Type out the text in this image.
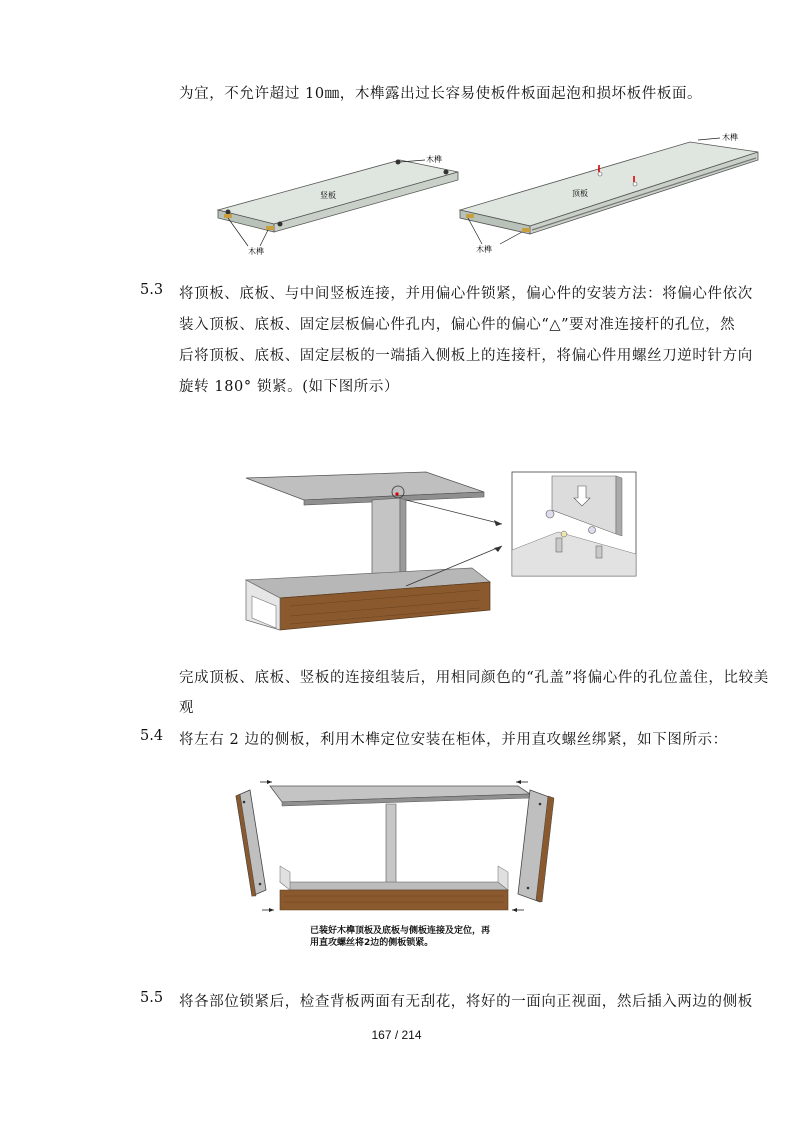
为宜，不允许超过 10㎜，木榫露出过长容易使板件板面起泡和损坏板件板面。
木榫
竖板
木榫
顶板
木榫
木榫
5.3 将顶板、底板、与中间竖板连接，并用偏心件锁紧，偏心件的安装方法：将偏心件依次
装入顶板、底板、固定层板偏心件孔内，偏心件的偏心“△”要对准连接杆的孔位，然
后将顶板、底板、固定层板的一端插入侧板上的连接杆，将偏心件用螺丝刀逆时针方向
旋转 180° 锁紧。(如下图所示）
完成顶板、底板、竖板的连接组装后，用相同颜色的“孔盖”将偏心件的孔位盖住，比较美
观
5.4 将左右 2 边的侧板，利用木榫定位安装在柜体，并用直攻螺丝绑紧，如下图所示：
已装好木榫顶板及底板与侧板连接及定位，再
用直攻螺丝将2边的侧板锁紧。
5.5 将各部位锁紧后，检查背板两面有无刮花，将好的一面向正视面，然后插入两边的侧板
167 / 214
